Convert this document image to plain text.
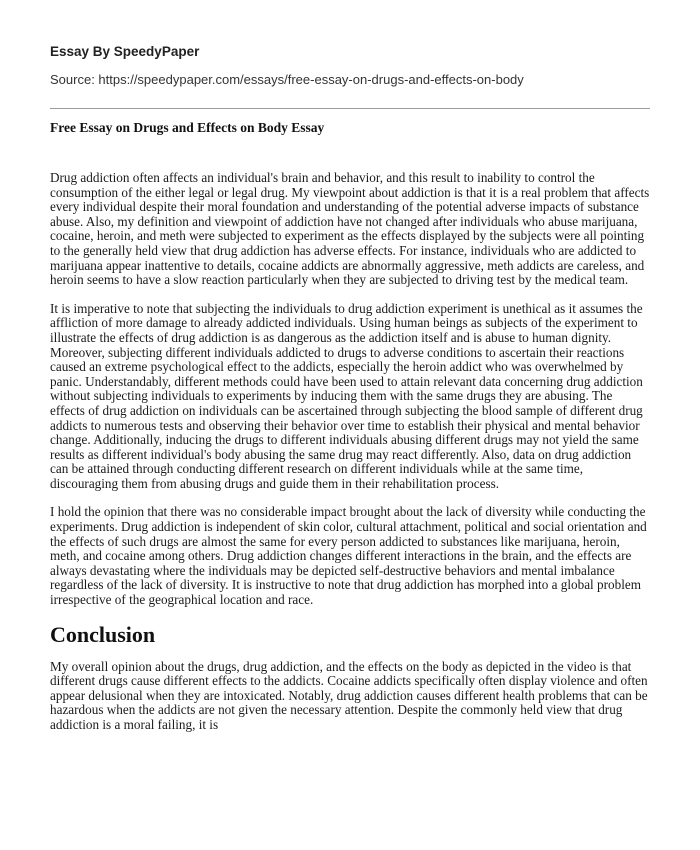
Essay By SpeedyPaper
Source: https://speedypaper.com/essays/free-essay-on-drugs-and-effects-on-body
Free Essay on Drugs and Effects on Body Essay

Drug addiction often affects an individual's brain and behavior, and this result to inability to control the consumption of the either legal or legal drug. My viewpoint about addiction is that it is a real problem that affects every individual despite their moral foundation and understanding of the potential adverse impacts of substance abuse. Also, my definition and viewpoint of addiction have not changed after individuals who abuse marijuana, cocaine, heroin, and meth were subjected to experiment as the effects displayed by the subjects were all pointing to the generally held view that drug addiction has adverse effects. For instance, individuals who are addicted to marijuana appear inattentive to details, cocaine addicts are abnormally aggressive, meth addicts are careless, and heroin seems to have a slow reaction particularly when they are subjected to driving test by the medical team.

It is imperative to note that subjecting the individuals to drug addiction experiment is unethical as it assumes the affliction of more damage to already addicted individuals. Using human beings as subjects of the experiment to illustrate the effects of drug addiction is as dangerous as the addiction itself and is abuse to human dignity. Moreover, subjecting different individuals addicted to drugs to adverse conditions to ascertain their reactions caused an extreme psychological effect to the addicts, especially the heroin addict who was overwhelmed by panic. Understandably, different methods could have been used to attain relevant data concerning drug addiction without subjecting individuals to experiments by inducing them with the same drugs they are abusing. The effects of drug addiction on individuals can be ascertained through subjecting the blood sample of different drug addicts to numerous tests and observing their behavior over time to establish their physical and mental behavior change. Additionally, inducing the drugs to different individuals abusing different drugs may not yield the same results as different individual's body abusing the same drug may react differently. Also, data on drug addiction can be attained through conducting different research on different individuals while at the same time, discouraging them from abusing drugs and guide them in their rehabilitation process.

I hold the opinion that there was no considerable impact brought about the lack of diversity while conducting the experiments. Drug addiction is independent of skin color, cultural attachment, political and social orientation and the effects of such drugs are almost the same for every person addicted to substances like marijuana, heroin, meth, and cocaine among others. Drug addiction changes different interactions in the brain, and the effects are always devastating where the individuals may be depicted self-destructive behaviors and mental imbalance regardless of the lack of diversity. It is instructive to note that drug addiction has morphed into a global problem irrespective of the geographical location and race.

Conclusion

My overall opinion about the drugs, drug addiction, and the effects on the body as depicted in the video is that different drugs cause different effects to the addicts. Cocaine addicts specifically often display violence and often appear delusional when they are intoxicated. Notably, drug addiction causes different health problems that can be hazardous when the addicts are not given the necessary attention. Despite the commonly held view that drug addiction is a moral failing, it is
